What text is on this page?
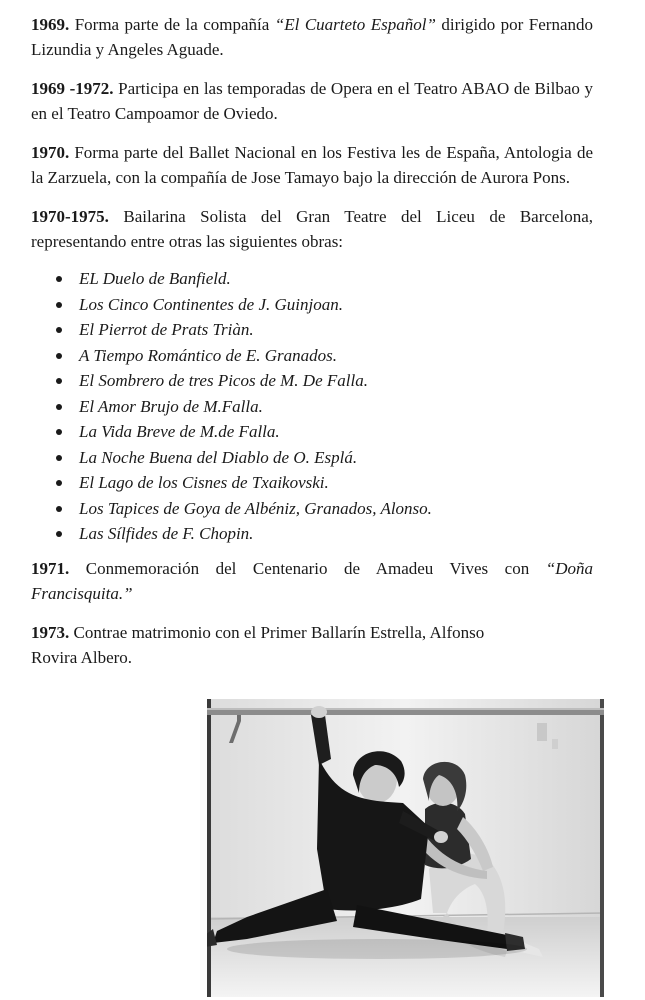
1969. Forma parte de la compañía “El Cuarteto Español” dirigido por Fernando Lizundia y Angeles Aguade.

1969 -1972. Participa en las temporadas de Opera en el Teatro ABAO de Bilbao y en el Teatro Campoamor de Oviedo.

1970. Forma parte del Ballet Nacional en los Festiva les de España, Antologia de la Zarzuela, con la compañía de Jose Tamayo bajo la dirección de Aurora Pons.

1970-1975. Bailarina Solista del Gran Teatre del Liceu de Barcelona, representando entre otras las siguientes obras:

EL Duelo de Banfield.
Los Cinco Continentes de J. Guinjoan.
El Pierrot de Prats Triàn.
A Tiempo Romántico de E. Granados.
El Sombrero de tres Picos de M. De Falla.
El Amor Brujo de M.Falla.
La Vida Breve de M.de Falla.
La Noche Buena del Diablo de O. Esplá.
El Lago de los Cisnes de Txaikovski.
Los Tapices de Goya de Albéniz, Granados, Alonso.
Las Sílfides de F. Chopin.

1971. Conmemoración del Centenario de Amadeu Vives con “Doña Francisquita.”

1973. Contrae matrimonio con el Primer Ballarín Estrella, Alfonso
Rovira Albero.
